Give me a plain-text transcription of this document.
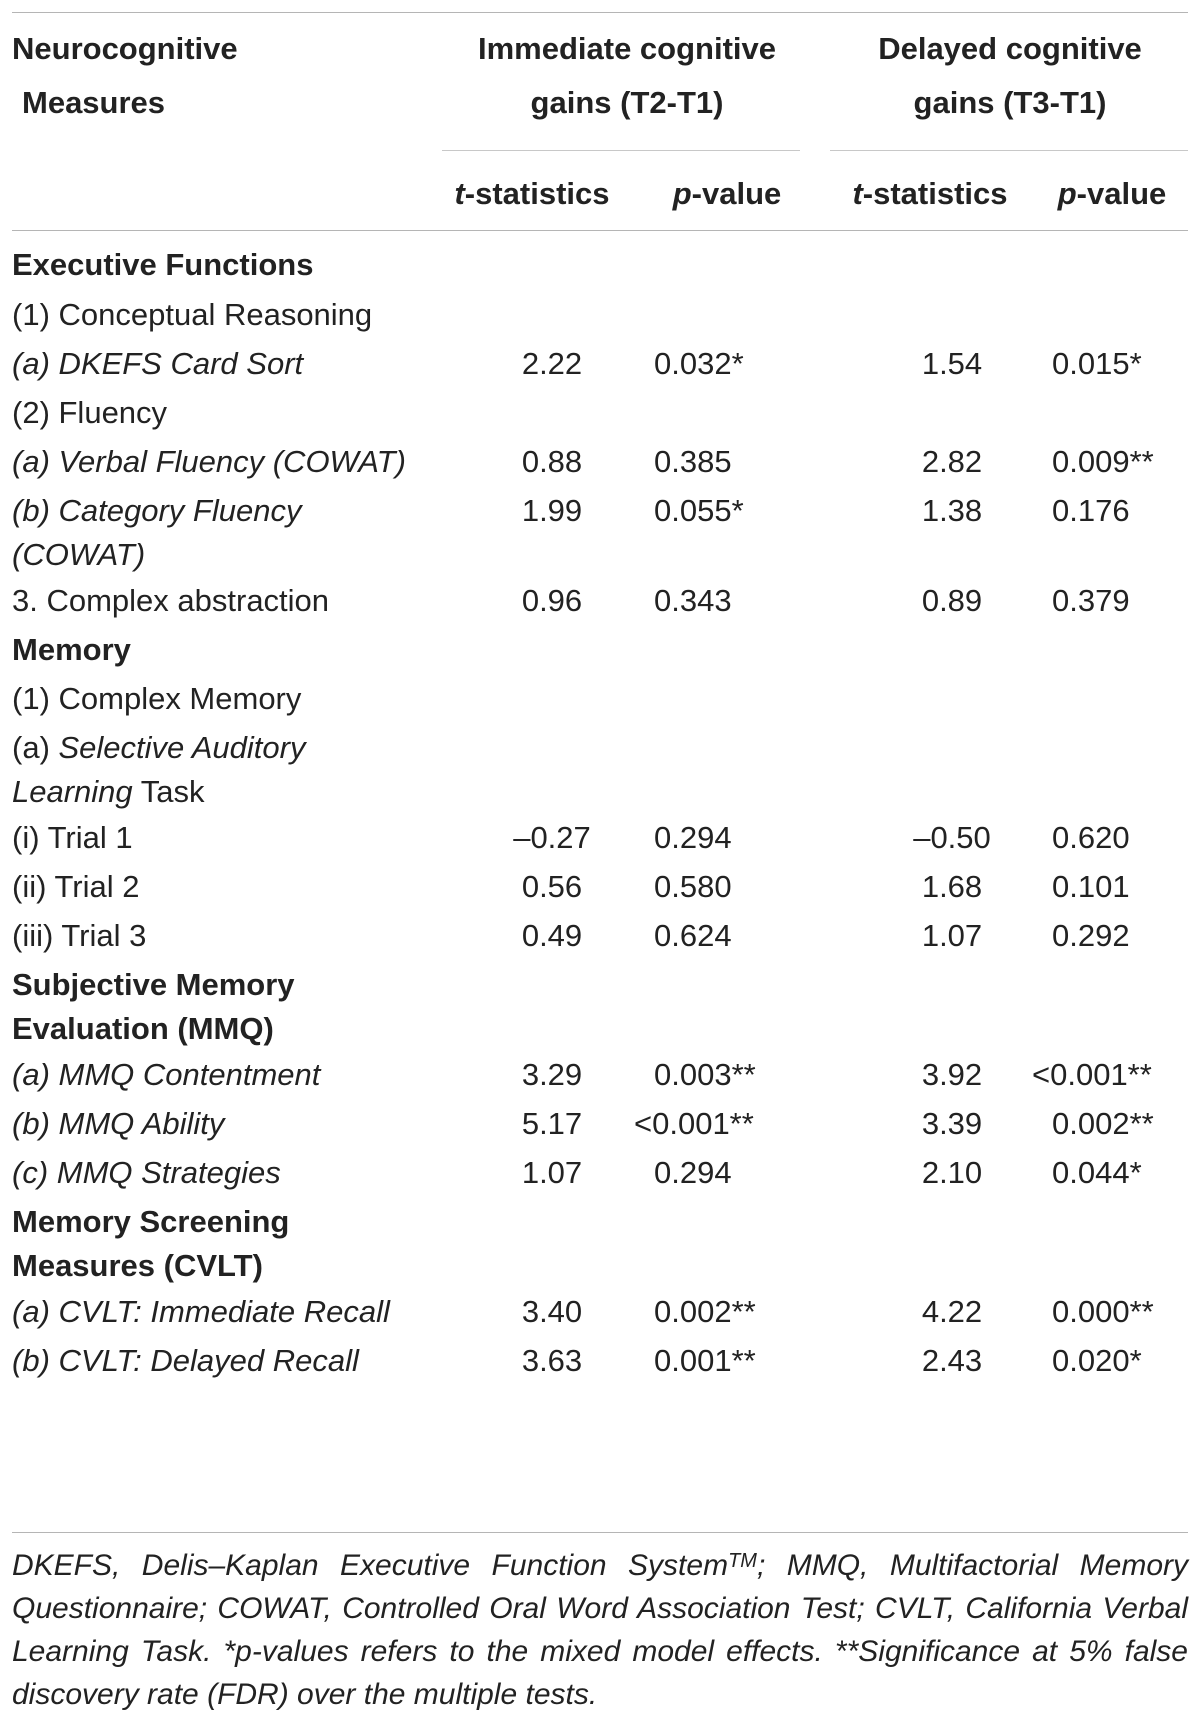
Neurocognitive
Measures
Immediate cognitive
gains (T2-T1)
Delayed cognitive
gains (T3-T1)
t-statistics	p-value	t-statistics	p-value
Executive Functions
(1) Conceptual Reasoning
(a) DKEFS Card Sort	2.22	0.032*	1.54	0.015*
(2) Fluency
(a) Verbal Fluency (COWAT)	0.88	0.385	2.82	0.009**
(b) Category Fluency
(COWAT)
1.99	0.055*	1.38	0.176
3. Complex abstraction	0.96	0.343	0.89	0.379
Memory
(1) Complex Memory
(a) Selective Auditory
Learning Task
(i) Trial 1	–0.27	0.294	–0.50	0.620
(ii) Trial 2	0.56	0.580	1.68	0.101
(iii) Trial 3	0.49	0.624	1.07	0.292
Subjective Memory
Evaluation (MMQ)
(a) MMQ Contentment	3.29	0.003**	3.92	<0.001**
(b) MMQ Ability	5.17	<0.001**	3.39	0.002**
(c) MMQ Strategies	1.07	0.294	2.10	0.044*
Memory Screening
Measures (CVLT)
(a) CVLT: Immediate Recall	3.40	0.002**	4.22	0.000**
(b) CVLT: Delayed Recall	3.63	0.001**	2.43	0.020*
DKEFS, Delis–Kaplan Executive Function System™; MMQ, Multifactorial Memory Questionnaire; COWAT, Controlled Oral Word Association Test; CVLT, California Verbal Learning Task. *p-values refers to the mixed model effects. **Significance at 5% false discovery rate (FDR) over the multiple tests.
